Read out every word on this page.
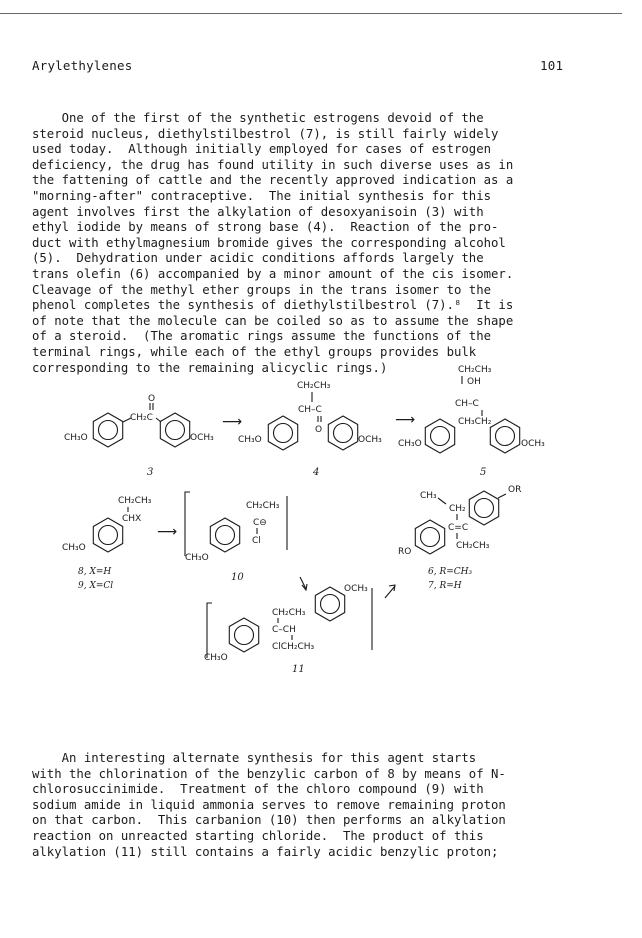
Arylethylenes	101
One of the first of the synthetic estrogens devoid of the
steroid nucleus, diethylstilbestrol (7), is still fairly widely
used today.  Although initially employed for cases of estrogen
deficiency, the drug has found utility in such diverse uses as in
the fattening of cattle and the recently approved indication as a
"morning-after" contraceptive.  The initial synthesis for this
agent involves first the alkylation of desoxyanisoin (3) with
ethyl iodide by means of strong base (4).  Reaction of the pro-
duct with ethylmagnesium bromide gives the corresponding alcohol
(5).  Dehydration under acidic conditions affords largely the
trans olefin (6) accompanied by a minor amount of the cis isomer.
Cleavage of the methyl ether groups in the trans isomer to the
phenol completes the synthesis of diethylstilbestrol (7).⁸  It is
of note that the molecule can be coiled so as to assume the shape
of a steroid.  (The aromatic rings assume the functions of the
terminal rings, while each of the ethyl groups provides bulk
corresponding to the remaining alicyclic rings.)
O
CH₂C
CH₃O	OCH₃
3
⟶
CH₂CH₃
CH–C
O
CH₃O	OCH₃
4
⟶
CH₂CH₃
OH
CH–C
CH₃CH₂
CH₃O	OCH₃
5
CH₂CH₃
CHX
CH₃O
8, X=H
9, X=Cl
⟶
CH₂CH₃
C⊖
Cl
CH₃O
10
CH₃
CH₂
C=C
CH₂CH₃
RO
OR
6, R=CH₃
7, R=H
OCH₃
CH₂CH₃
C–CH
ClCH₂CH₃
CH₃O
11
An interesting alternate synthesis for this agent starts
with the chlorination of the benzylic carbon of 8 by means of N-
chlorosuccinimide.  Treatment of the chloro compound (9) with
sodium amide in liquid ammonia serves to remove remaining proton
on that carbon.  This carbanion (10) then performs an alkylation
reaction on unreacted starting chloride.  The product of this
alkylation (11) still contains a fairly acidic benzylic proton;
